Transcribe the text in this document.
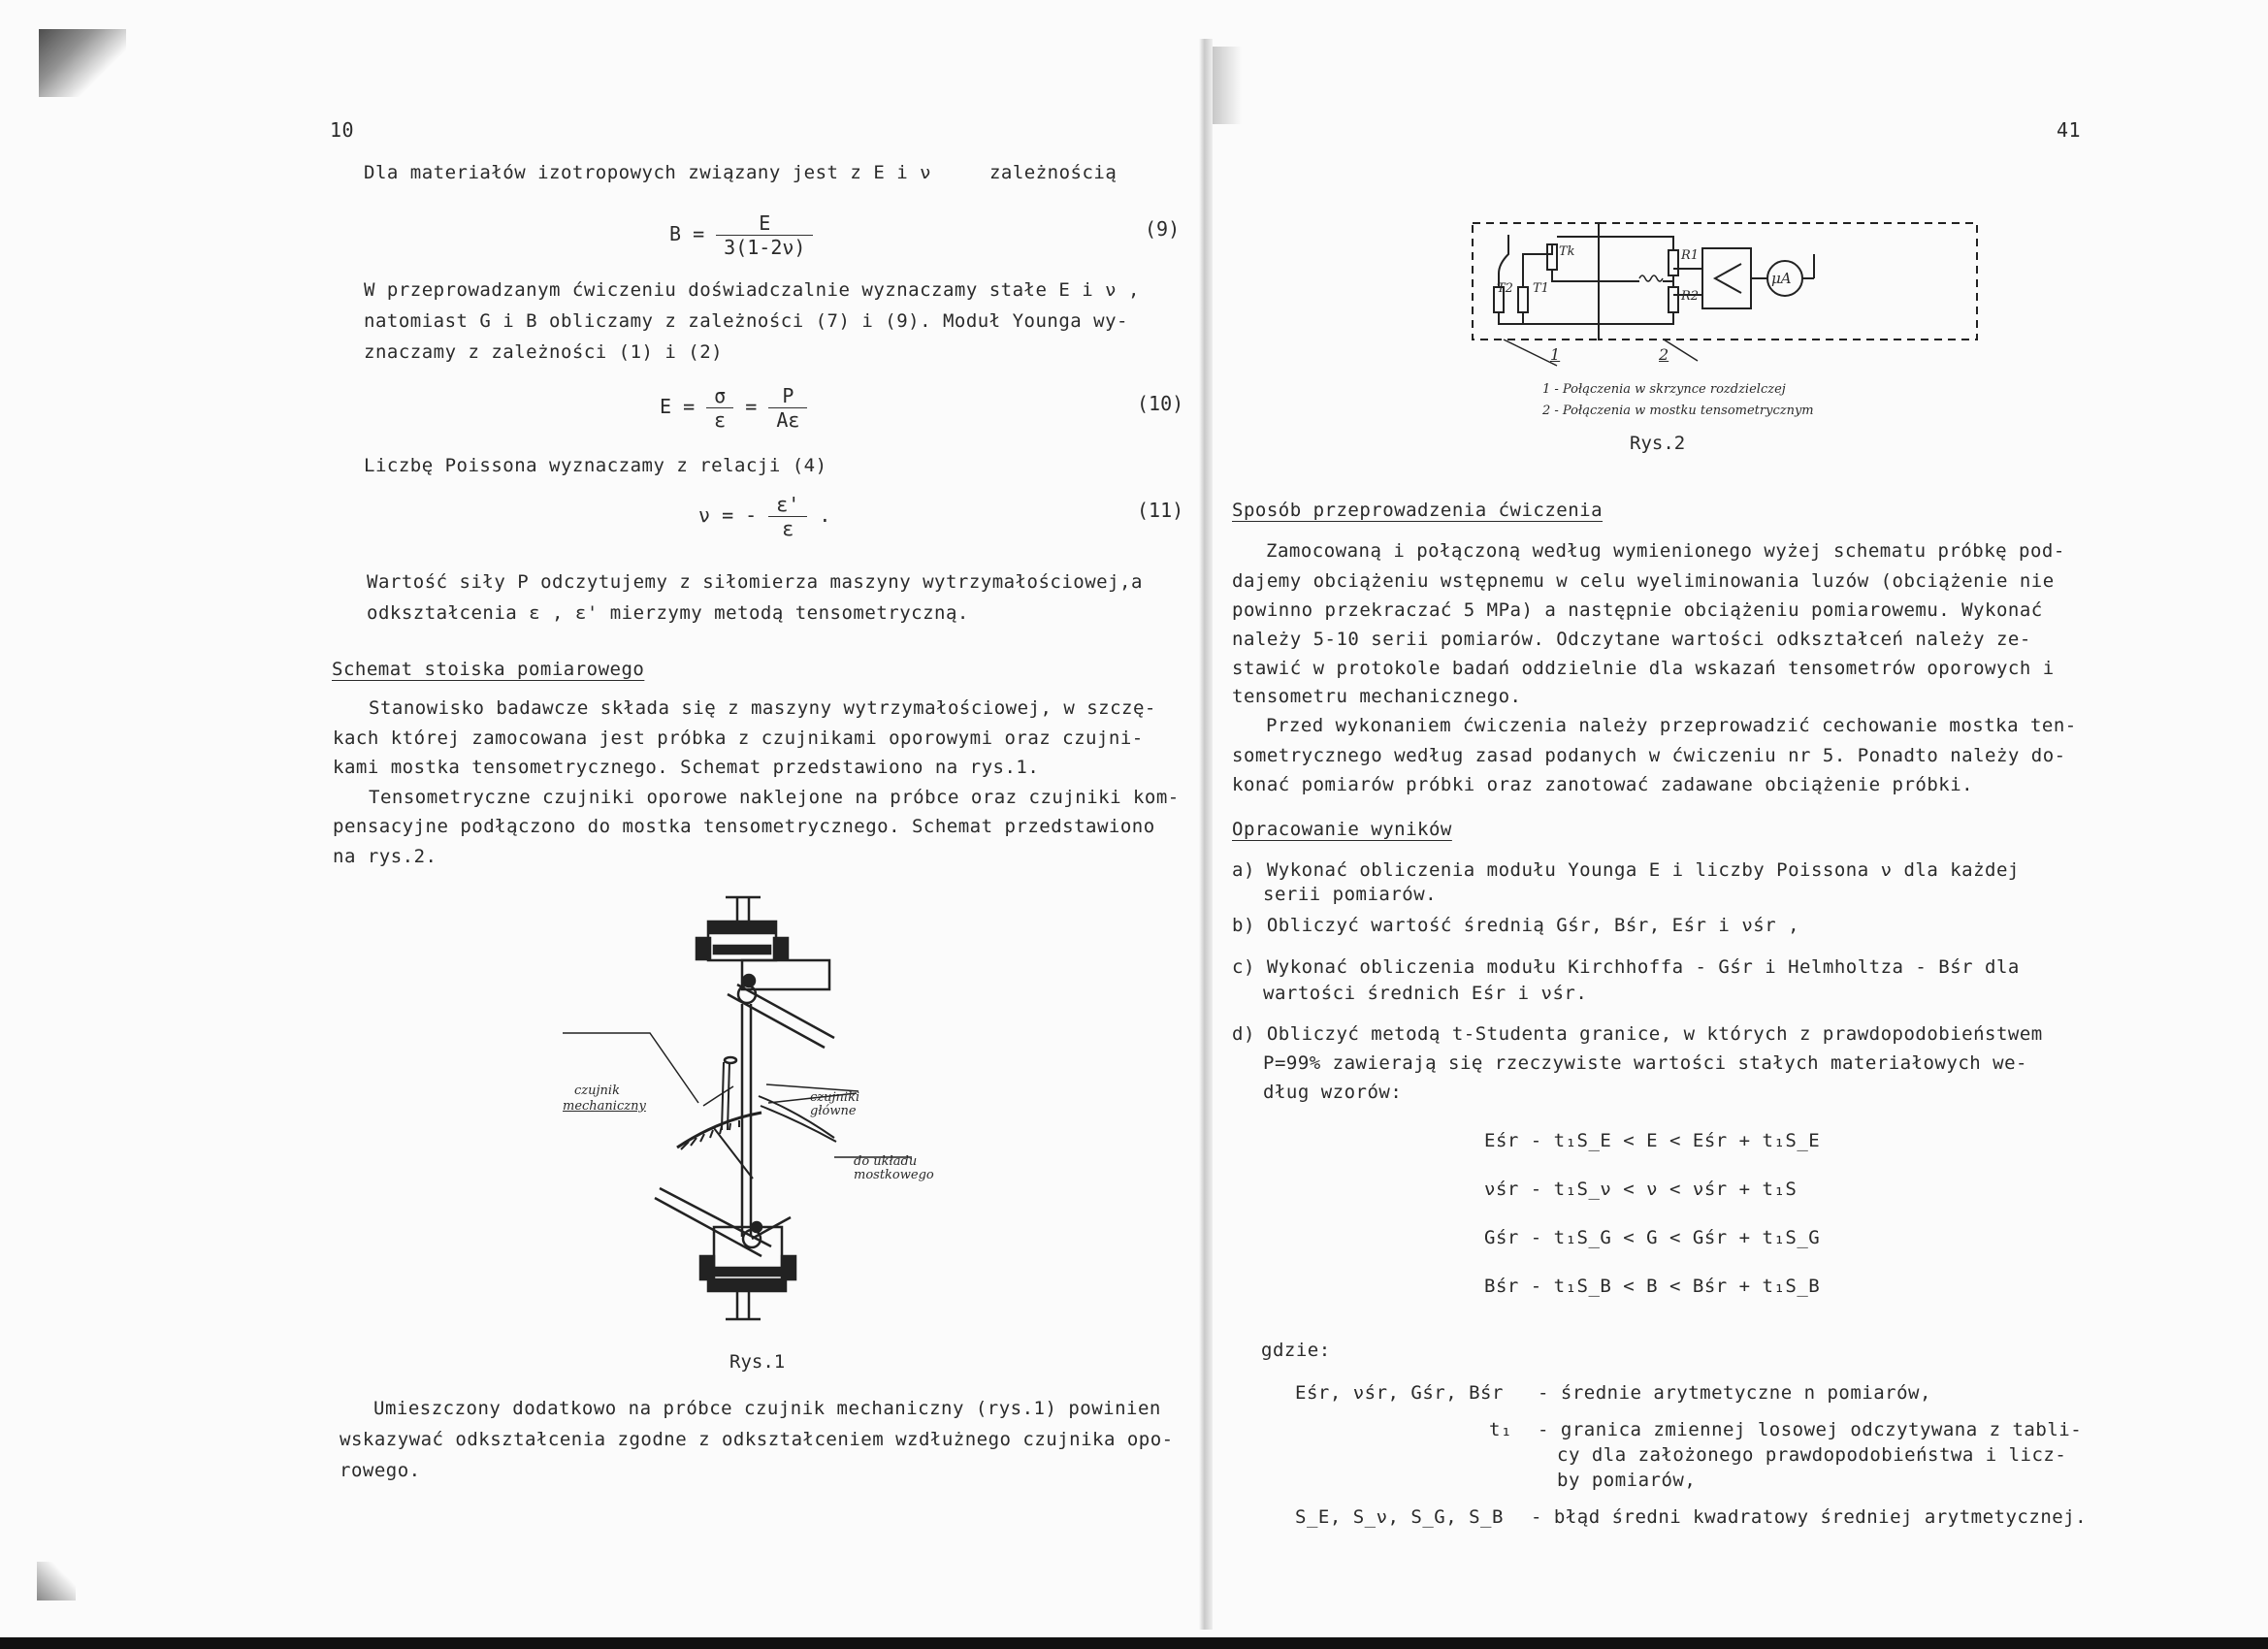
10
Dla materiałów izotropowych związany jest z E i ν	zależnością
$B = \frac{E}{3(1-2\nu)}$	(9)
W przeprowadzanym ćwiczeniu doświadczalnie wyznaczamy stałe E i ν ,
natomiast G i B obliczamy z zależności (7) i (9). Moduł Younga wy-
znaczamy z zależności (1) i (2)
$E = \frac{\sigma}{\varepsilon} = \frac{P}{A\varepsilon}$	(10)
Liczbę Poissona wyznaczamy z relacji (4)
ν = - $\frac{\varepsilon'}{\varepsilon}$ .	(11)
Wartość siły P odczytujemy z siłomierza maszyny wytrzymałościowej,a
odkształcenia ε , ε' mierzymy metodą tensometryczną.
Schemat stoiska pomiarowego
Stanowisko badawcze składa się z maszyny wytrzymałościowej, w szczę-
kach której zamocowana jest próbka z czujnikami oporowymi oraz czujni-
kami mostka tensometrycznego. Schemat przedstawiono na rys.1.
Tensometryczne czujniki oporowe naklejone na próbce oraz czujniki kom-
pensacyjne podłączono do mostka tensometrycznego. Schemat przedstawiono
na rys.2.
czujnik
mechaniczny
czujniki
główne
do układu
mostkowego
Rys.1
Umieszczony dodatkowo na próbce czujnik mechaniczny (rys.1) powinien
wskazywać odkształcenia zgodne z odkształceniem wzdłużnego czujnika opo-
rowego.
41
T2 T1
Tk	R1
R2
μA
1	2
1 - Połączenia w skrzynce rozdzielczej
2 - Połączenia w mostku tensometrycznym
Rys.2
Sposób przeprowadzenia ćwiczenia
Zamocowaną i połączoną według wymienionego wyżej schematu próbkę pod-
dajemy obciążeniu wstępnemu w celu wyeliminowania luzów (obciążenie nie
powinno przekraczać 5 MPa) a następnie obciążeniu pomiarowemu. Wykonać
należy 5-10 serii pomiarów. Odczytane wartości odkształceń należy ze-
stawić w protokole badań oddzielnie dla wskazań tensometrów oporowych i
tensometru mechanicznego.
Przed wykonaniem ćwiczenia należy przeprowadzić cechowanie mostka ten-
sometrycznego według zasad podanych w ćwiczeniu nr 5. Ponadto należy do-
konać pomiarów próbki oraz zanotować zadawane obciążenie próbki.
Opracowanie wyników
a) Wykonać obliczenia modułu Younga E i liczby Poissona ν dla każdej
serii pomiarów.
b) Obliczyć wartość średnią Gśr, Bśr, Eśr i νśr ,
c) Wykonać obliczenia modułu Kirchhoffa - Gśr i Helmholtza - Bśr dla
wartości średnich Eśr i νśr.
d) Obliczyć metodą t-Studenta granice, w których z prawdopodobieństwem
P=99% zawierają się rzeczywiste wartości stałych materiałowych we-
dług wzorów:
Eśr - t₁S_E < E < Eśr + t₁S_E
νśr - t₁S_ν < ν < νśr + t₁S
Gśr - t₁S_G < G < Gśr + t₁S_G
Bśr - t₁S_B < B < Bśr + t₁S_B
gdzie:
Eśr, νśr, Gśr, Bśr - średnie arytmetyczne n pomiarów,
t₁ - granica zmiennej losowej odczytywana z tabli-
cy dla założonego prawdopodobieństwa i licz-
by pomiarów,
S_E, S_ν, S_G, S_B - błąd średni kwadratowy średniej arytmetycznej.
